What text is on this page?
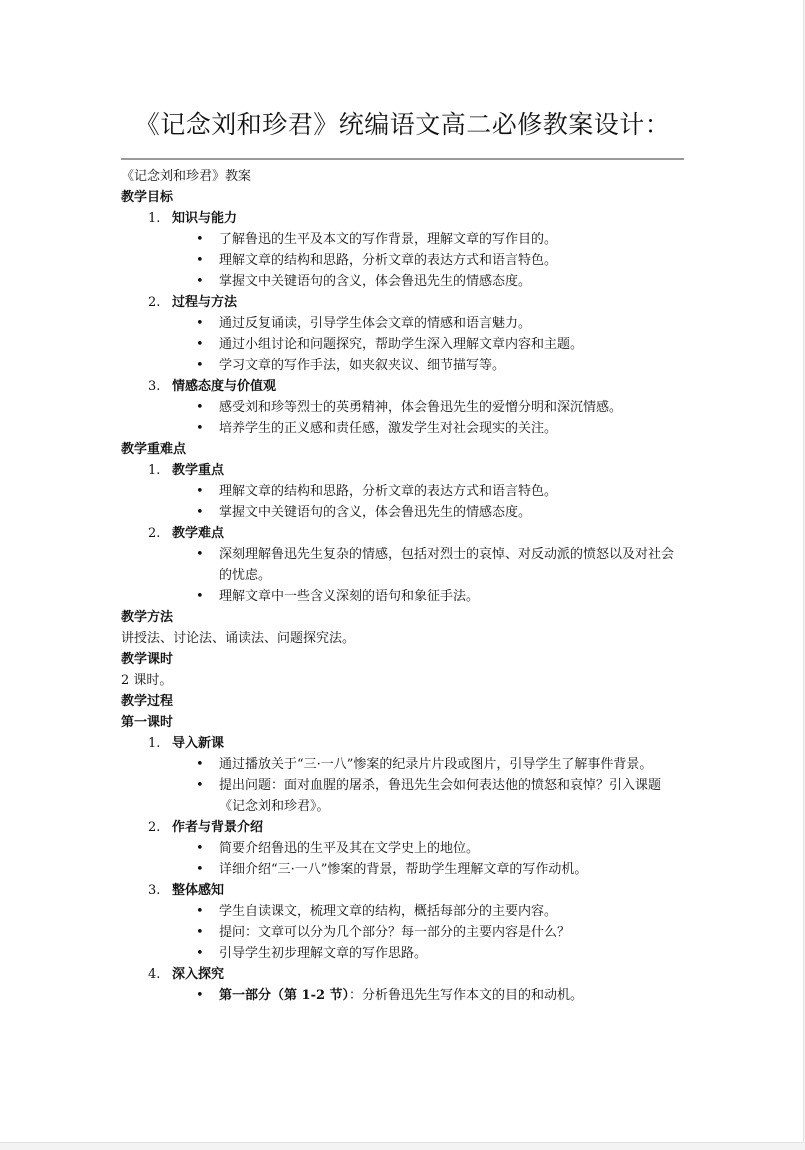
《记念刘和珍君》统编语文高二必修教案设计：
《记念刘和珍君》教案
教学目标
1. 知识与能力
• 了解鲁迅的生平及本文的写作背景，理解文章的写作目的。
• 理解文章的结构和思路，分析文章的表达方式和语言特色。
• 掌握文中关键语句的含义，体会鲁迅先生的情感态度。
2. 过程与方法
• 通过反复诵读，引导学生体会文章的情感和语言魅力。
• 通过小组讨论和问题探究，帮助学生深入理解文章内容和主题。
• 学习文章的写作手法，如夹叙夹议、细节描写等。
3. 情感态度与价值观
• 感受刘和珍等烈士的英勇精神，体会鲁迅先生的爱憎分明和深沉情感。
• 培养学生的正义感和责任感，激发学生对社会现实的关注。
教学重难点
1. 教学重点
• 理解文章的结构和思路，分析文章的表达方式和语言特色。
• 掌握文中关键语句的含义，体会鲁迅先生的情感态度。
2. 教学难点
• 深刻理解鲁迅先生复杂的情感，包括对烈士的哀悼、对反动派的愤怒以及对社会的忧虑。
• 理解文章中一些含义深刻的语句和象征手法。
教学方法
讲授法、讨论法、诵读法、问题探究法。
教学课时
2 课时。
教学过程
第一课时
1. 导入新课
• 通过播放关于“三·一八”惨案的纪录片片段或图片，引导学生了解事件背景。
• 提出问题：面对血腥的屠杀，鲁迅先生会如何表达他的愤怒和哀悼？引入课题《记念刘和珍君》。
2. 作者与背景介绍
• 简要介绍鲁迅的生平及其在文学史上的地位。
• 详细介绍“三·一八”惨案的背景，帮助学生理解文章的写作动机。
3. 整体感知
• 学生自读课文，梳理文章的结构，概括每部分的主要内容。
• 提问：文章可以分为几个部分？每一部分的主要内容是什么？
• 引导学生初步理解文章的写作思路。
4. 深入探究
• 第一部分（第 1-2 节）：分析鲁迅先生写作本文的目的和动机。
